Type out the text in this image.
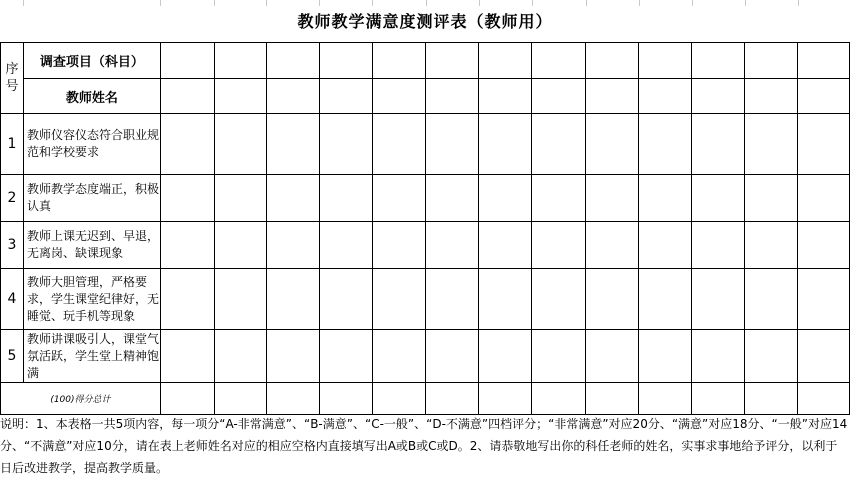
教师教学满意度测评表（教师用）
序号	调查项目（科目）													
	教师姓名													
1	教师仪容仪态符合职业规范和学校要求													
2	教师教学态度端正，积极认真													
3	教师上课无迟到、早退，无离岗、缺课现象													
4	教师大胆管理，严格要求，学生课堂纪律好，无睡觉、玩手机等现象													
5	教师讲课吸引人，课堂气氛活跃，学生堂上精神饱满													
(100)得分总计														
说明：1、本表格一共5项内容，每一项分“A-非常满意”、“B-满意”、“C-一般”、“D-不满意”四档评分；“非常满意”对应20分、“满意”对应18分、“一般”对应14分、“不满意”对应10分，请在表上老师姓名对应的相应空格内直接填写出A或B或C或D。2、请恭敬地写出你的科任老师的姓名，实事求事地给予评分，以利于日后改进教学，提高教学质量。
